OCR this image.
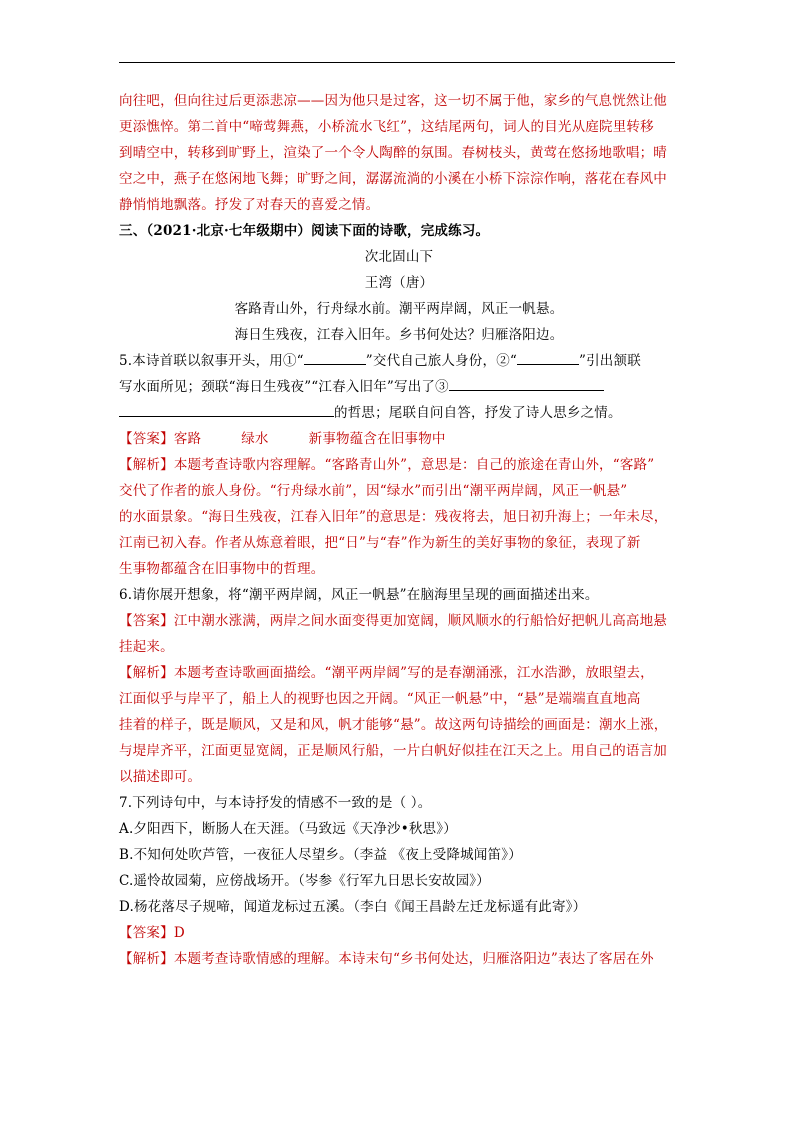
向往吧，但向往过后更添悲凉——因为他只是过客，这一切不属于他，家乡的气息恍然让他

更添憔悴。第二首中“啼莺舞燕，小桥流水飞红”，这结尾两句，词人的目光从庭院里转移

到晴空中，转移到旷野上，渲染了一个令人陶醉的氛围。春树枝头，黄莺在悠扬地歌唱；晴

空之中，燕子在悠闲地飞舞；旷野之间，潺潺流淌的小溪在小桥下淙淙作响，落花在春风中

静悄悄地飘落。抒发了对春天的喜爱之情。

三、（2021·北京·七年级期中）阅读下面的诗歌，完成练习。

次北固山下

王湾（唐）

客路青山外，行舟绿水前。潮平两岸阔，风正一帆悬。

海日生残夜，江春入旧年。乡书何处达？归雁洛阳边。

5.本诗首联以叙事开头，用①“	”交代自己旅人身份，②“	”引出颔联

写水面所见；颈联“海日生残夜”“江春入旧年”写出了③

的哲思；尾联自问自答，抒发了诗人思乡之情。

【答案】客路	绿水	新事物蕴含在旧事物中

【解析】本题考查诗歌内容理解。“客路青山外”，意思是：自己的旅途在青山外，“客路”

交代了作者的旅人身份。“行舟绿水前”，因“绿水”而引出“潮平两岸阔，风正一帆悬”

的水面景象。“海日生残夜，江春入旧年”的意思是：残夜将去，旭日初升海上；一年未尽，

江南已初入春。作者从炼意着眼，把“日”与“春”作为新生的美好事物的象征，表现了新

生事物都蕴含在旧事物中的哲理。

6.请你展开想象，将“潮平两岸阔，风正一帆悬”在脑海里呈现的画面描述出来。

【答案】江中潮水涨满，两岸之间水面变得更加宽阔，顺风顺水的行船恰好把帆儿高高地悬

挂起来。

【解析】本题考查诗歌画面描绘。“潮平两岸阔”写的是春潮涌涨，江水浩渺，放眼望去，

江面似乎与岸平了，船上人的视野也因之开阔。“风正一帆悬”中，“悬”是端端直直地高

挂着的样子，既是顺风，又是和风，帆才能够“悬”。故这两句诗描绘的画面是：潮水上涨，

与堤岸齐平，江面更显宽阔，正是顺风行船，一片白帆好似挂在江天之上。用自己的语言加

以描述即可。

7.下列诗句中，与本诗抒发的情感不一致的是（ ）。

A.夕阳西下，断肠人在天涯。（马致远《天净沙•秋思》）

B.不知何处吹芦管，一夜征人尽望乡。（李益 《夜上受降城闻笛》）

C.遥怜故园菊，应傍战场开。（岑参《行军九日思长安故园》）

D.杨花落尽子规啼，闻道龙标过五溪。（李白《闻王昌龄左迁龙标遥有此寄》）

【答案】D

【解析】本题考查诗歌情感的理解。本诗末句“乡书何处达，归雁洛阳边”表达了客居在外
